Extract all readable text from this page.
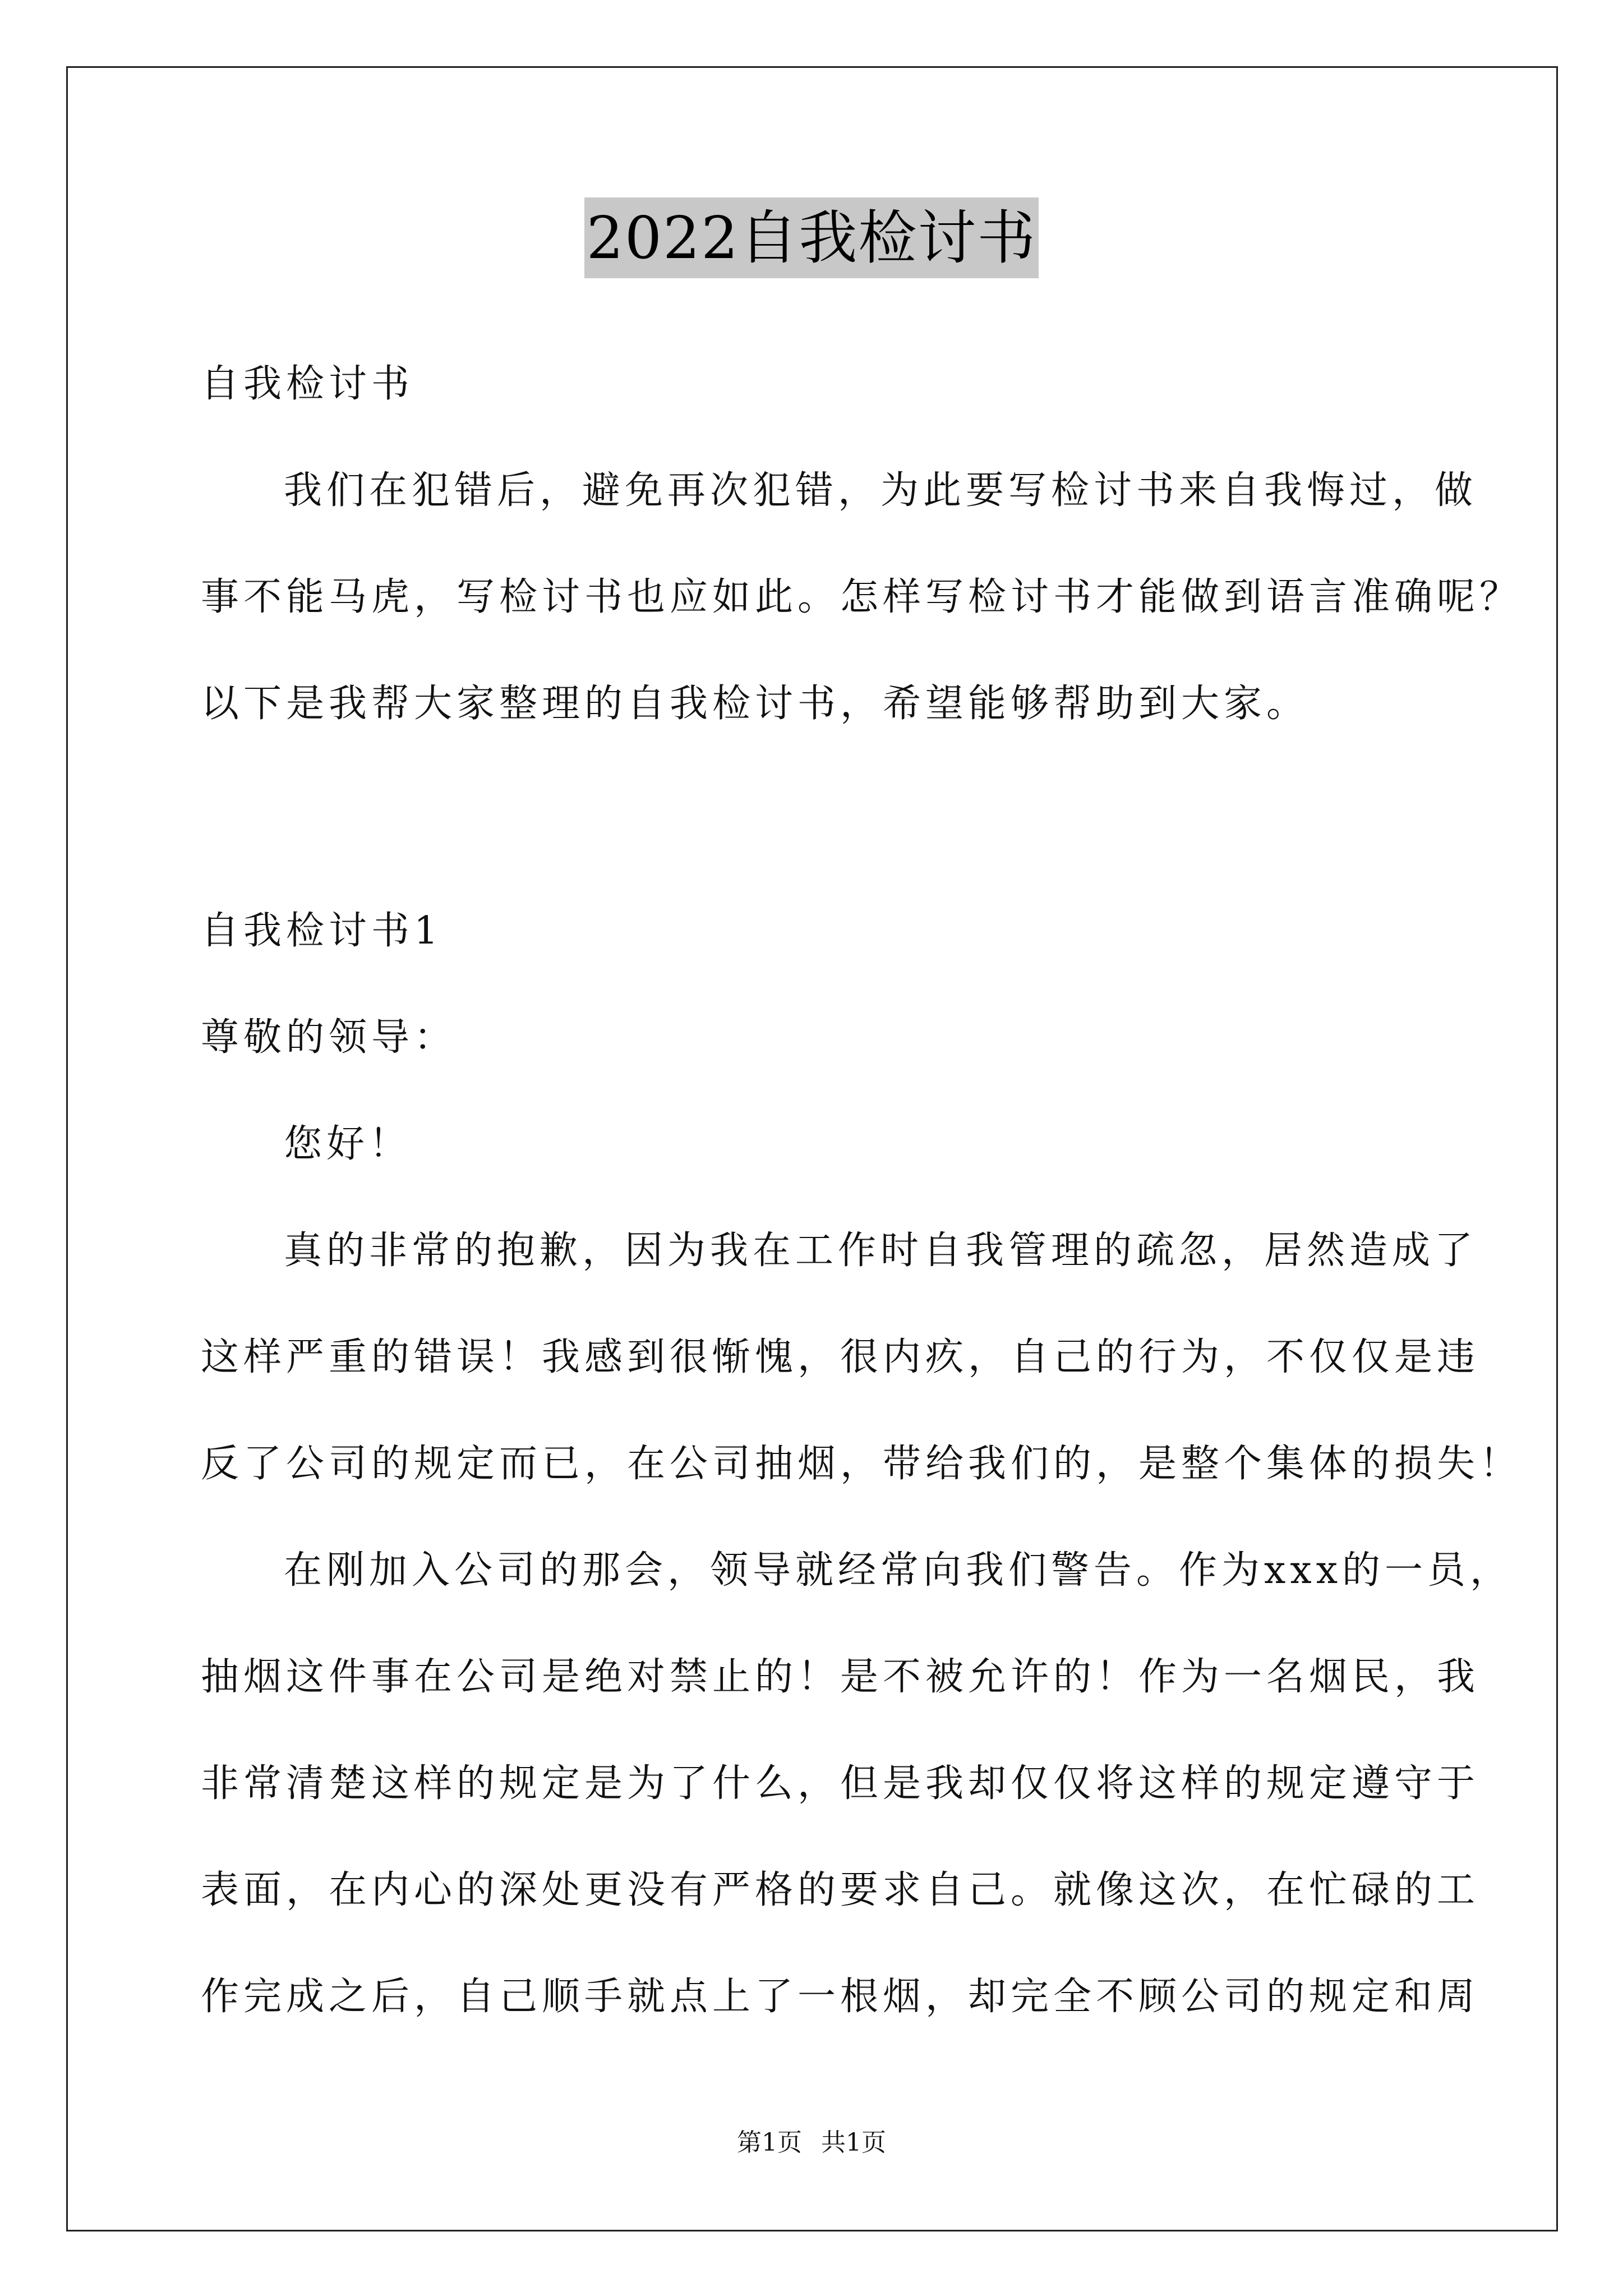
2022自我检讨书
自我检讨书
我们在犯错后，避免再次犯错，为此要写检讨书来自我悔过，做
事不能马虎，写检讨书也应如此。怎样写检讨书才能做到语言准确呢？
以下是我帮大家整理的自我检讨书，希望能够帮助到大家。
自我检讨书1
尊敬的领导：
您好！
真的非常的抱歉，因为我在工作时自我管理的疏忽，居然造成了
这样严重的错误！我感到很惭愧，很内疚，自己的行为，不仅仅是违
反了公司的规定而已，在公司抽烟，带给我们的，是整个集体的损失！
在刚加入公司的那会，领导就经常向我们警告。作为xxx的一员，
抽烟这件事在公司是绝对禁止的！是不被允许的！作为一名烟民，我
非常清楚这样的规定是为了什么，但是我却仅仅将这样的规定遵守于
表面，在内心的深处更没有严格的要求自己。就像这次，在忙碌的工
作完成之后，自己顺手就点上了一根烟，却完全不顾公司的规定和周
第1页 共1页
